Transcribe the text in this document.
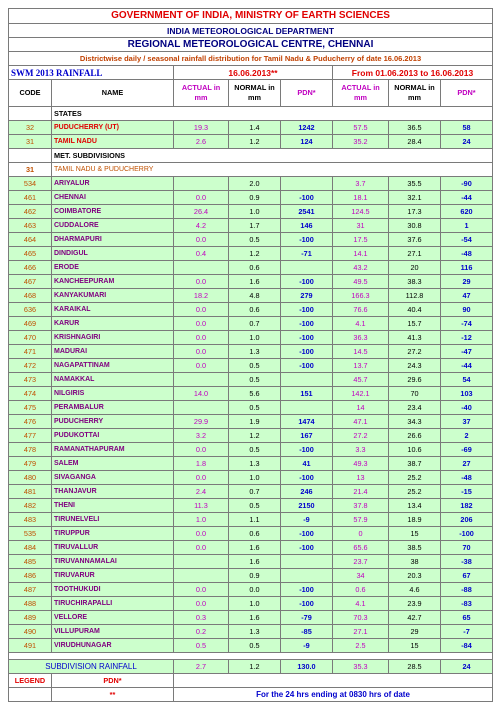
GOVERNMENT OF INDIA, MINISTRY OF EARTH SCIENCES							
INDIA METEOROLOGICAL DEPARTMENT							
REGIONAL METEOROLOGICAL CENTRE, CHENNAI							
Districtwise daily / seasonal rainfall distribution for Tamil Nadu & Puducherry of date 16.06.2013							
SWM 2013 RAINFALL		16.06.2013**			From 01.06.2013 to 16.06.2013		
CODE	NAME	ACTUAL in mm	NORMAL in mm	PDN*	ACTUAL in mm	NORMAL in mm	PDN*
	STATES						
32	PUDUCHERRY (UT)	19.3	1.4	1242	57.5	36.5	58
31	TAMIL NADU	2.6	1.2	124	35.2	28.4	24
	MET. SUBDIVISIONS						
31	TAMIL NADU & PUDUCHERRY						
534	ARIYALUR		2.0		3.7	35.5	-90
461	CHENNAI	0.0	0.9	-100	18.1	32.1	-44
462	COIMBATORE	26.4	1.0	2541	124.5	17.3	620
463	CUDDALORE	4.2	1.7	146	31	30.8	1
464	DHARMAPURI	0.0	0.5	-100	17.5	37.6	-54
465	DINDIGUL	0.4	1.2	-71	14.1	27.1	-48
466	ERODE		0.6		43.2	20	116
467	KANCHEEPURAM	0.0	1.6	-100	49.5	38.3	29
468	KANYAKUMARI	18.2	4.8	279	166.3	112.8	47
636	KARAIKAL	0.0	0.6	-100	76.6	40.4	90
469	KARUR	0.0	0.7	-100	4.1	15.7	-74
470	KRISHNAGIRI	0.0	1.0	-100	36.3	41.3	-12
471	MADURAI	0.0	1.3	-100	14.5	27.2	-47
472	NAGAPATTINAM	0.0	0.5	-100	13.7	24.3	-44
473	NAMAKKAL		0.5		45.7	29.6	54
474	NILGIRIS	14.0	5.6	151	142.1	70	103
475	PERAMBALUR		0.5		14	23.4	-40
476	PUDUCHERRY	29.9	1.9	1474	47.1	34.3	37
477	PUDUKOTTAI	3.2	1.2	167	27.2	26.6	2
478	RAMANATHAPURAM	0.0	0.5	-100	3.3	10.6	-69
479	SALEM	1.8	1.3	41	49.3	38.7	27
480	SIVAGANGA	0.0	1.0	-100	13	25.2	-48
481	THANJAVUR	2.4	0.7	246	21.4	25.2	-15
482	THENI	11.3	0.5	2150	37.8	13.4	182
483	TIRUNELVELI	1.0	1.1	-9	57.9	18.9	206
535	TIRUPPUR	0.0	0.6	-100	0	15	-100
484	TIRUVALLUR	0.0	1.6	-100	65.6	38.5	70
485	TIRUVANNAMALAI		1.6		23.7	38	-38
486	TIRUVARUR		0.9		34	20.3	67
487	TOOTHUKUDI	0.0	0.0	-100	0.6	4.6	-88
488	TIRUCHIRAPALLI	0.0	1.0	-100	4.1	23.9	-83
489	VELLORE	0.3	1.6	-79	70.3	42.7	65
490	VILLUPURAM	0.2	1.3	-85	27.1	29	-7
491	VIRUDHUNAGAR	0.5	0.5	-9	2.5	15	-84

SUBDIVISION RAINFALL		2.7	1.2	130.0	35.3	28.5	24
LEGEND	PDN*						
	**	For the 24 hrs ending at 0830 hrs of date					
